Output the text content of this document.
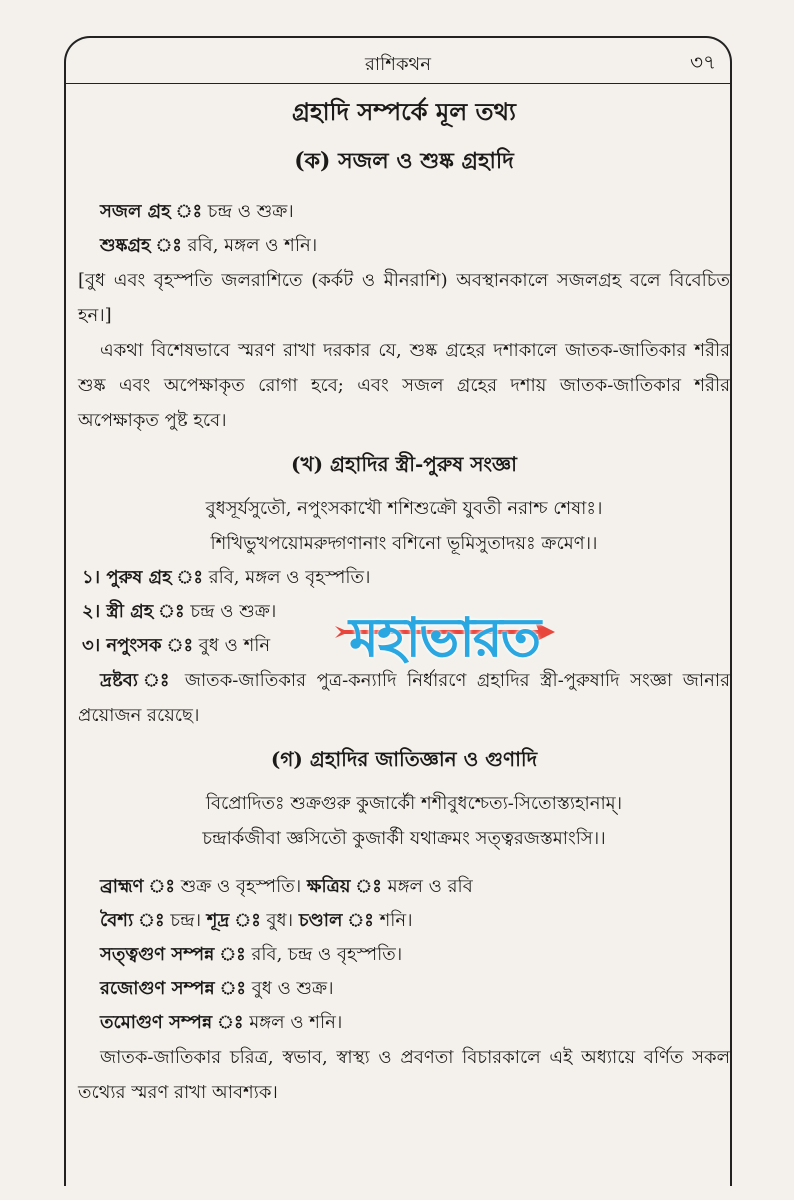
রাশিকথন	৩৭
গ্রহাদি সম্পর্কে মূল তথ্য
(ক) সজল ও শুষ্ক গ্রহাদি

সজল গ্রহ ঃ চন্দ্র ও শুক্র।

শুষ্কগ্রহ ঃ রবি, মঙ্গল ও শনি।

[বুধ এবং বৃহস্পতি জলরাশিতে (কর্কট ও মীনরাশি) অবস্থানকালে সজলগ্রহ বলে বিবেচিত হন।]

একথা বিশেষভাবে স্মরণ রাখা দরকার যে, শুষ্ক গ্রহের দশাকালে জাতক-জাতিকার শরীর শুষ্ক এবং অপেক্ষাকৃত রোগা হবে; এবং সজল গ্রহের দশায় জাতক-জাতিকার শরীর অপেক্ষাকৃত পুষ্ট হবে।

(খ) গ্রহাদির স্ত্রী-পুরুষ সংজ্ঞা

বুধসূর্যসুতৌ, নপুংসকাখৌ শশিশুক্রৌ যুবতী নরাশ্চ শেষাঃ।

শিখিভুখপয়োমরুদ্গণানাং বশিনো ভূমিসুতাদয়ঃ ক্রমেণ।।

১। পুরুষ গ্রহ ঃ রবি, মঙ্গল ও বৃহস্পতি।

২। স্ত্রী গ্রহ ঃ চন্দ্র ও শুক্র।

৩। নপুংসক ঃ বুধ ও শনি

দ্রষ্টব্য ঃ জাতক-জাতিকার পুত্র-কন্যাদি নির্ধারণে গ্রহাদির স্ত্রী-পুরুষাদি সংজ্ঞা জানার প্রয়োজন রয়েছে।

(গ) গ্রহাদির জাতিজ্ঞান ও গুণাদি

বিপ্রোদিতঃ শুক্রগুরু কুজার্কৌ শশীবুধশ্চেত্য-সিতোস্ত্যহানাম্।

চন্দ্রার্কজীবা জ্ঞসিতৌ কুজার্কী যথাক্রমং সত্ত্বরজস্তমাংসি।।

ব্রাহ্মণ ঃ শুক্র ও বৃহস্পতি। ক্ষত্রিয় ঃ মঙ্গল ও রবি

বৈশ্য ঃ চন্দ্র। শূদ্র ঃ বুধ। চণ্ডাল ঃ শনি।

সত্ত্বগুণ সম্পন্ন ঃ রবি, চন্দ্র ও বৃহস্পতি।

রজোগুণ সম্পন্ন ঃ বুধ ও শুক্র।

তমোগুণ সম্পন্ন ঃ মঙ্গল ও শনি।

জাতক-জাতিকার চরিত্র, স্বভাব, স্বাস্থ্য ও প্রবণতা বিচারকালে এই অধ্যায়ে বর্ণিত সকল তথ্যের স্মরণ রাখা আবশ্যক।

মহাভারত
